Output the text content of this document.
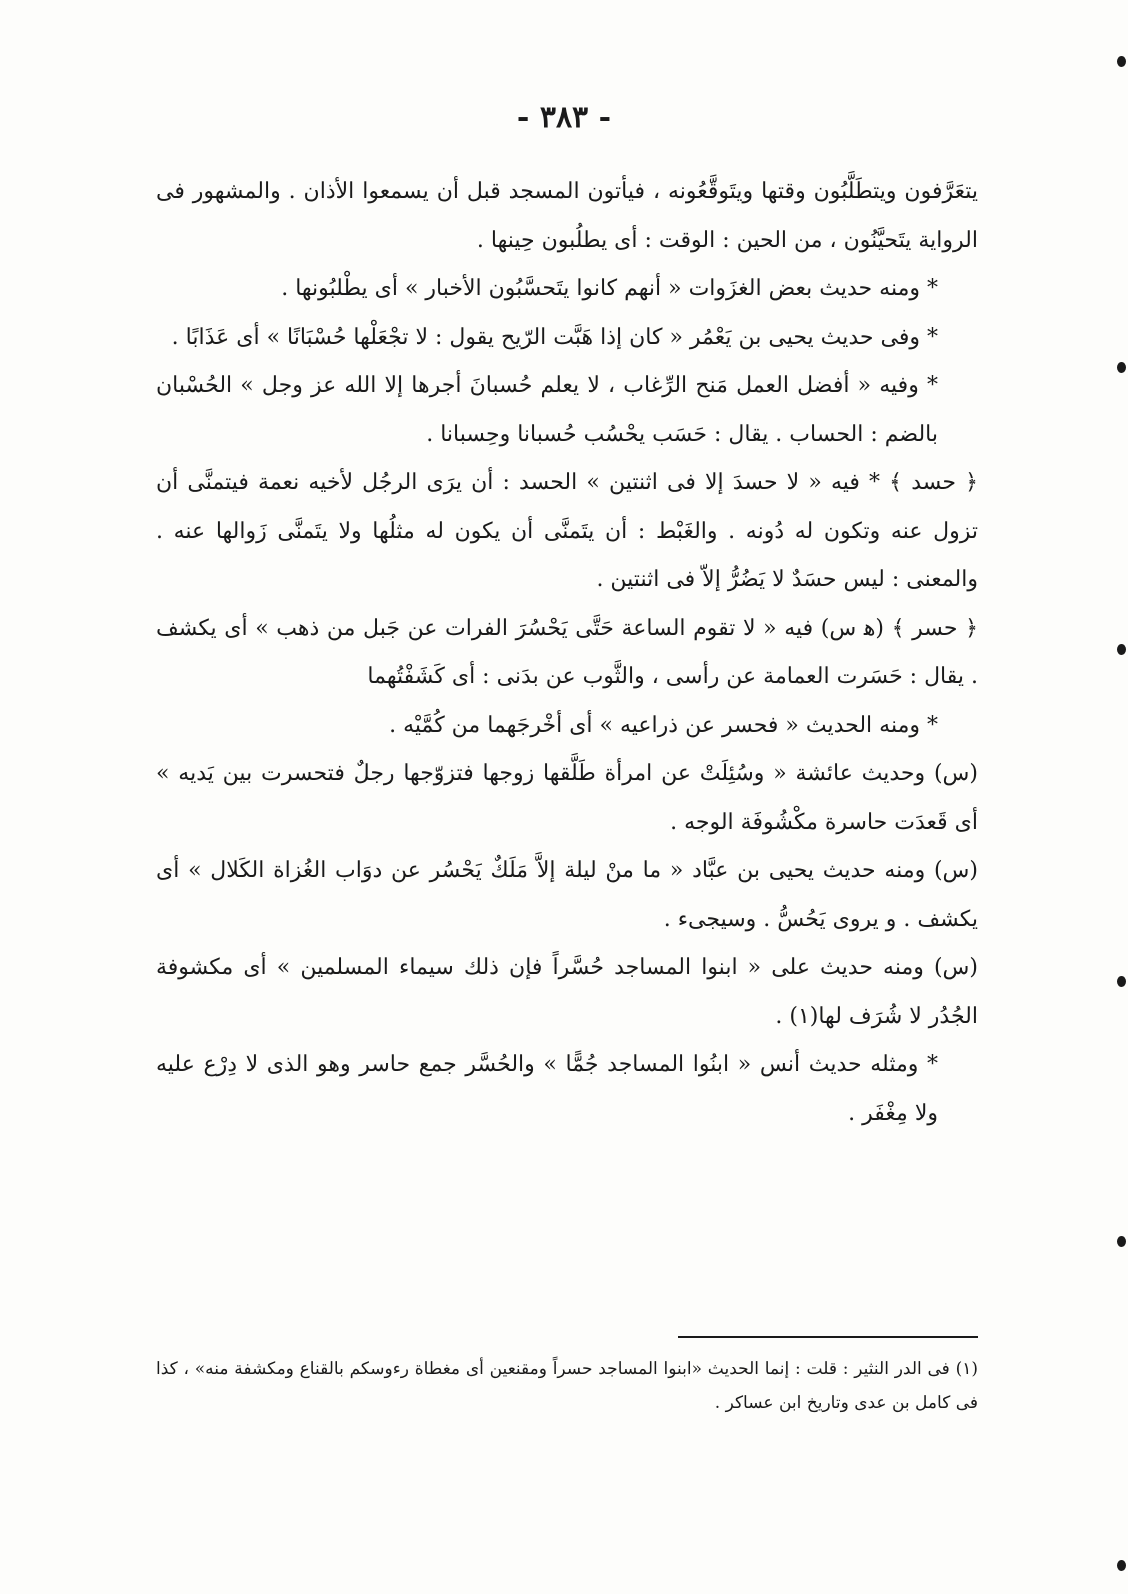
- ٣٨٣ -

يتعَرَّفون ويتطَلَّبُون وقتها ويتَوقَّعُونه ، فيأتون المسجد قبل أن يسمعوا الأذان . والمشهور فى الرواية يتَحيَّنُون ، من الحين : الوقت : أى يطلُبون حِينها .

* ومنه حديث بعض الغزَوات « أنهم كانوا يتَحسَّبُون الأخبار » أى يطْلبُونها .

* وفى حديث يحيى بن يَعْمُر « كان إذا هَبَّت الرّيح يقول : لا تجْعَلْها حُسْبَانًا » أى عَذَابًا .

* وفيه « أفضل العمل مَنح الرِّغاب ، لا يعلم حُسبانَ أجرها إلا الله عز وجل » الحُسْبان بالضم : الحساب . يقال : حَسَب يحْسُب حُسبانا وحِسبانا .

﴿ حسد ﴾ * فيه « لا حسدَ إلا فى اثنتين » الحسد : أن يرَى الرجُل لأخيه نعمة فيتمنَّى أن تزول عنه وتكون له دُونه . والغَبْط : أن يتَمنَّى أن يكون له مثلُها ولا يتَمنَّى زَوالها عنه . والمعنى : ليس حسَدٌ لا يَضُرُّ إلاّ فى اثنتين .

﴿ حسر ﴾ (ﻫ س) فيه « لا تقوم الساعة حَتَّى يَحْسُرَ الفرات عن جَبل من ذهب » أى يكشف . يقال : حَسَرت العمامة عن رأسى ، والثَّوب عن بدَنى : أى كَشَفْتُهما

* ومنه الحديث « فحسر عن ذراعيه » أى أخْرجَهما من كُمَّيْه .

(س) وحديث عائشة « وسُئِلَتْ عن امرأة طَلَّقها زوجها فتزوّجها رجلٌ فتحسرت بين يَديه » أى قَعدَت حاسرة مكْشُوفَة الوجه .

(س) ومنه حديث يحيى بن عبَّاد « ما منْ ليلة إلاَّ مَلَكٌ يَحْسُر عن دوَاب الغُزاة الكَلال » أى يكشف . و يروى يَحُسُّ . وسيجىء .

(س) ومنه حديث على « ابنوا المساجد حُسَّراً فإن ذلك سيماء المسلمين » أى مكشوفة الجُدُر لا شُرَف لها(١) .

* ومثله حديث أنس « ابنُوا المساجد جُمًّا » والحُسَّر جمع حاسر وهو الذى لا دِرْع عليه ولا مِغْفَر .

(١) فى الدر النثير : قلت : إنما الحديث «ابنوا المساجد حسراً ومقنعين أى مغطاة رءوسكم بالقناع ومكشفة منه» ، كذا فى كامل بن عدى وتاريخ ابن عساكر .
